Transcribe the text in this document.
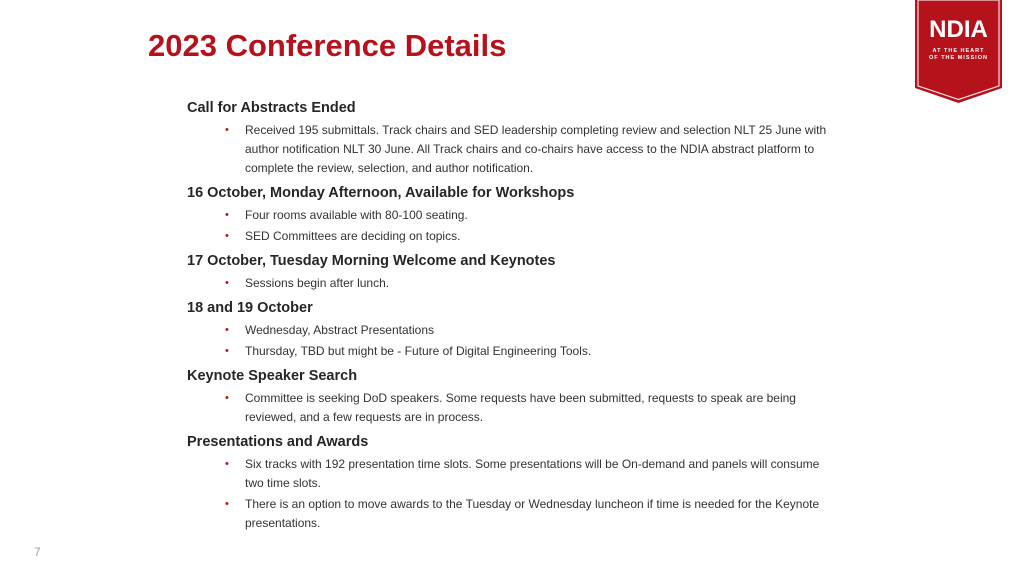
2023 Conference Details	NDIA
AT THE HEART
OF THE MISSION
Call for Abstracts Ended
• Received 195 submittals. Track chairs and SED leadership completing review and selection NLT 25 June with author notification NLT 30 June. All Track chairs and co-chairs have access to the NDIA abstract platform to complete the review, selection, and author notification.
16 October, Monday Afternoon, Available for Workshops
• Four rooms available with 80-100 seating.
• SED Committees are deciding on topics.
17 October, Tuesday Morning Welcome and Keynotes
• Sessions begin after lunch.
18 and 19 October
• Wednesday, Abstract Presentations
• Thursday, TBD but might be - Future of Digital Engineering Tools.
Keynote Speaker Search
• Committee is seeking DoD speakers. Some requests have been submitted, requests to speak are being reviewed, and a few requests are in process.
Presentations and Awards
• Six tracks with 192 presentation time slots. Some presentations will be On-demand and panels will consume two time slots.
• There is an option to move awards to the Tuesday or Wednesday luncheon if time is needed for the Keynote presentations.
7
